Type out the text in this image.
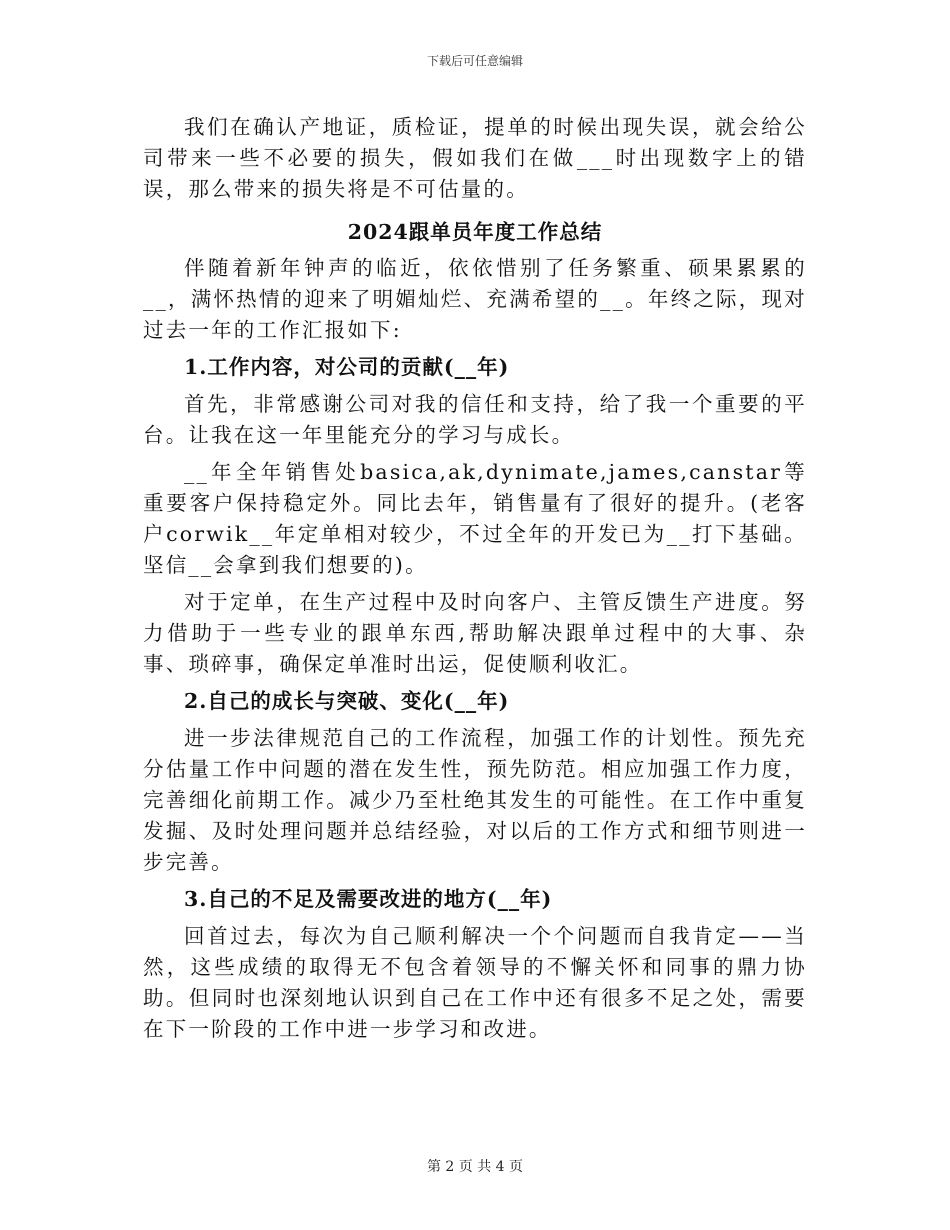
下载后可任意编辑

我们在确认产地证，质检证，提单的时候出现失误，就会给公司带来一些不必要的损失，假如我们在做___时出现数字上的错误，那么带来的损失将是不可估量的。

2024跟单员年度工作总结

伴随着新年钟声的临近，依依惜别了任务繁重、硕果累累的__，满怀热情的迎来了明媚灿烂、充满希望的__。年终之际，现对过去一年的工作汇报如下:

1.工作内容，对公司的贡献(__年)

首先，非常感谢公司对我的信任和支持，给了我一个重要的平台。让我在这一年里能充分的学习与成长。

__年全年销售处basica,ak,dynimate,james,canstar等重要客户保持稳定外。同比去年，销售量有了很好的提升。(老客户corwik__年定单相对较少，不过全年的开发已为__打下基础。坚信__会拿到我们想要的)。

对于定单，在生产过程中及时向客户、主管反馈生产进度。努力借助于一些专业的跟单东西,帮助解决跟单过程中的大事、杂事、琐碎事，确保定单准时出运，促使顺利收汇。

2.自己的成长与突破、变化(__年)

进一步法律规范自己的工作流程，加强工作的计划性。预先充分估量工作中问题的潜在发生性，预先防范。相应加强工作力度，完善细化前期工作。减少乃至杜绝其发生的可能性。在工作中重复发掘、及时处理问题并总结经验，对以后的工作方式和细节则进一步完善。

3.自己的不足及需要改进的地方(__年)

回首过去，每次为自己顺利解决一个个问题而自我肯定——当然，这些成绩的取得无不包含着领导的不懈关怀和同事的鼎力协助。但同时也深刻地认识到自己在工作中还有很多不足之处，需要在下一阶段的工作中进一步学习和改进。

第 2 页 共 4 页
